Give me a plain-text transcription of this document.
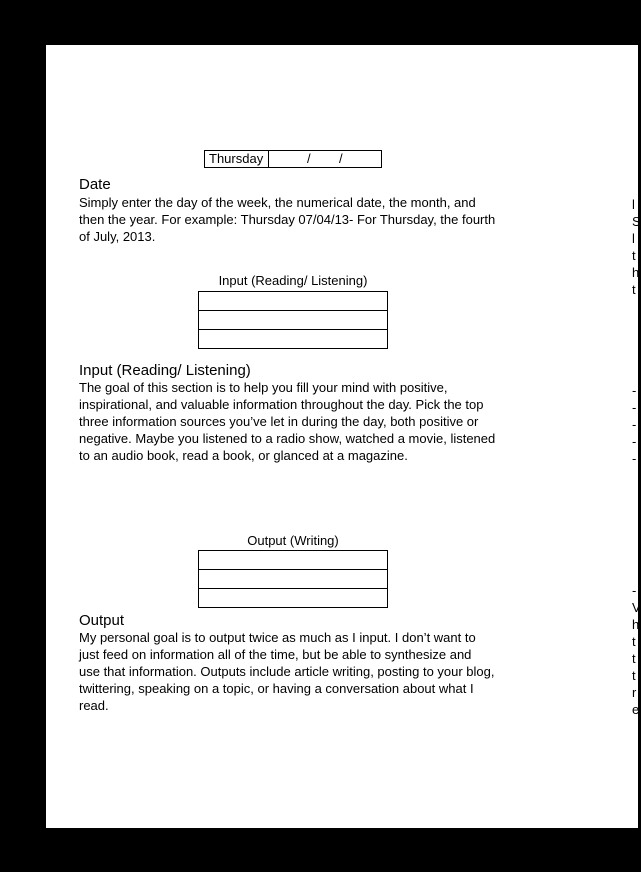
Thursday	/ /
Date
Simply enter the day of the week, the numerical date, the month, and
then the year. For example: Thursday 07/04/13- For Thursday, the fourth
of July, 2013.
Input (Reading/ Listening)
Input (Reading/ Listening)
The goal of this section is to help you fill your mind with positive,
inspirational, and valuable information throughout the day. Pick the top
three information sources you’ve let in during the day, both positive or
negative. Maybe you listened to a radio show, watched a movie, listened
to an audio book, read a book, or glanced at a magazine.
Output (Writing)
Output
My personal goal is to output twice as much as I input. I don’t want to
just feed on information all of the time, but be able to synthesize and
use that information. Outputs include article writing, posting to your blog,
twittering, speaking on a topic, or having a conversation about what I
read.
l
S
l
t
h
t
-
-
-
-
-
-
V
h
t
t
t
r
e
